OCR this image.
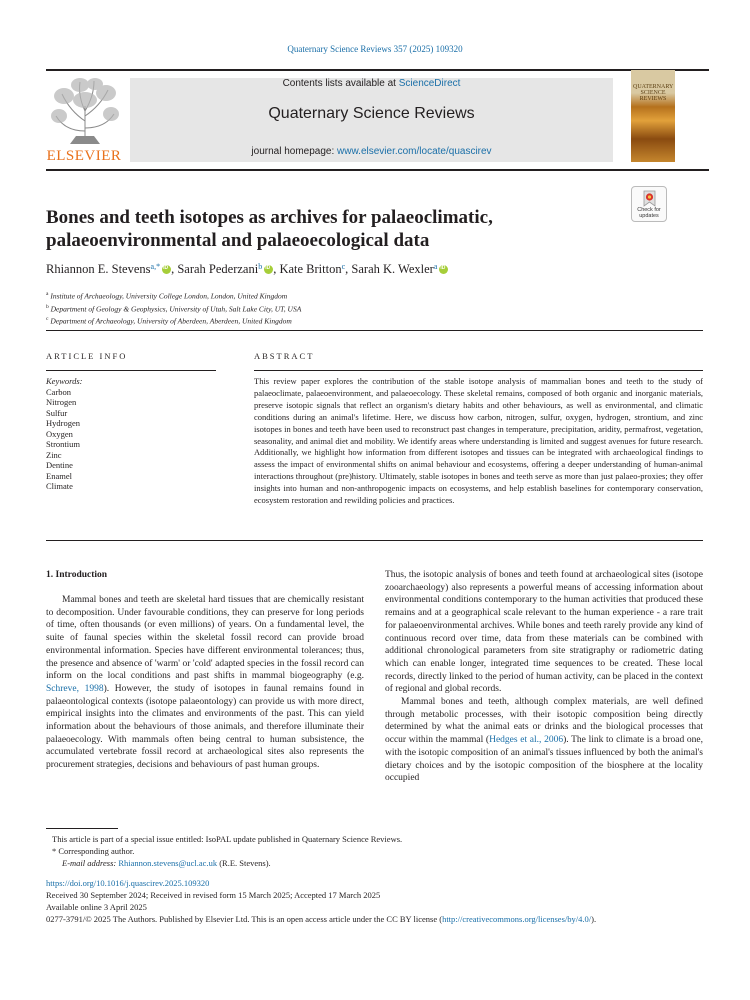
Quaternary Science Reviews 357 (2025) 109320
ELSEVIER
Contents lists available at ScienceDirect
Quaternary Science Reviews
journal homepage: www.elsevier.com/locate/quascirev
QUATERNARY SCIENCE REVIEWS
Check for updates
Bones and teeth isotopes as archives for palaeoclimatic, palaeoenvironmental and palaeoecological data
Rhiannon E. Stevens$^{a,*}$ iD , Sarah Pederzani$^b$ iD , Kate Britton$^c$, Sarah K. Wexler$^a$iD
$^a$ Institute of Archaeology, University College London, London, United Kingdom
$^b$ Department of Geology & Geophysics, University of Utah, Salt Lake City, UT, USA
$^c$ Department of Archaeology, University of Aberdeen, Aberdeen, United Kingdom
ARTICLE INFO	ABSTRACT
Keywords:
Carbon
Nitrogen
Sulfur
Hydrogen
Oxygen
Strontium
Zinc
Dentine
Enamel
Climate
This review paper explores the contribution of the stable isotope analysis of mammalian bones and teeth to the study of palaeoclimate, palaeoenvironment, and palaeoecology. These skeletal remains, composed of both organic and inorganic materials, preserve isotopic signals that reflect an organism's dietary habits and other behaviours, as well as environmental, and climatic conditions during an animal's lifetime. Here, we discuss how carbon, nitrogen, sulfur, oxygen, hydrogen, strontium, and zinc isotopes in bones and teeth have been used to reconstruct past changes in temperature, precipitation, aridity, permafrost, vegetation, seasonality, and animal diet and mobility. We identify areas where understanding is limited and suggest avenues for future research. Additionally, we highlight how information from different isotopes and tissues can be integrated with archaeological findings to assess the impact of environmental shifts on animal behaviour and ecosystems, offering a deeper understanding of human-animal interactions throughout (pre)history. Ultimately, stable isotopes in bones and teeth serve as more than just palaeo-proxies; they offer insights into human and non-anthropogenic impacts on ecosystems, and help establish baselines for contemporary conservation, ecosystem restoration and rewilding policies and practices.
1. Introduction

Mammal bones and teeth are skeletal hard tissues that are chemically resistant to decomposition. Under favourable conditions, they can preserve for long periods of time, often thousands (or even millions) of years. On a fundamental level, the suite of faunal species within the skeletal fossil record can provide broad environmental information. Species have different environmental tolerances; thus, the presence and absence of 'warm' or 'cold' adapted species in the fossil record can inform on the local conditions and past shifts in mammal biogeography (e.g. Schreve, 1998). However, the study of isotopes in faunal remains found in palaeontological contexts (isotope palaeontology) can provide us with more direct, empirical insights into the climates and environments of the past. This can yield information about the behaviours of those animals, and therefore illuminate their palaeoecology. With mammals often being central to human subsistence, the accumulated vertebrate fossil record at archaeological sites also represents the procurement strategies, decisions and behaviours of past human groups.

Thus, the isotopic analysis of bones and teeth found at archaeological sites (isotope zooarchaeology) also represents a powerful means of accessing information about environmental conditions contemporary to the human activities that produced these remains and at a geographical scale relevant to the human experience - a rare trait for palaeoenvironmental archives. While bones and teeth rarely provide any kind of continuous record over time, data from these materials can be combined with additional chronological parameters from site stratigraphy or radiometric dating which can enable longer, integrated time sequences to be created. These local records, directly linked to the period of human activity, can be placed in the context of regional and global records.

Mammal bones and teeth, although complex materials, are well defined through metabolic processes, with their isotopic composition being directly determined by what the animal eats or drinks and the biological processes that occur within the mammal (Hedges et al., 2006). The link to climate is a broad one, with the isotopic composition of an animal's tissues influenced by both the animal's dietary choices and by the isotopic composition of the biosphere at the locality occupied

This article is part of a special issue entitled: IsoPAL update published in Quaternary Science Reviews.
* Corresponding author.
E-mail address: Rhiannon.stevens@ucl.ac.uk (R.E. Stevens).
https://doi.org/10.1016/j.quascirev.2025.109320
Received 30 September 2024; Received in revised form 15 March 2025; Accepted 17 March 2025
Available online 3 April 2025
0277-3791/© 2025 The Authors. Published by Elsevier Ltd. This is an open access article under the CC BY license (http://creativecommons.org/licenses/by/4.0/).
